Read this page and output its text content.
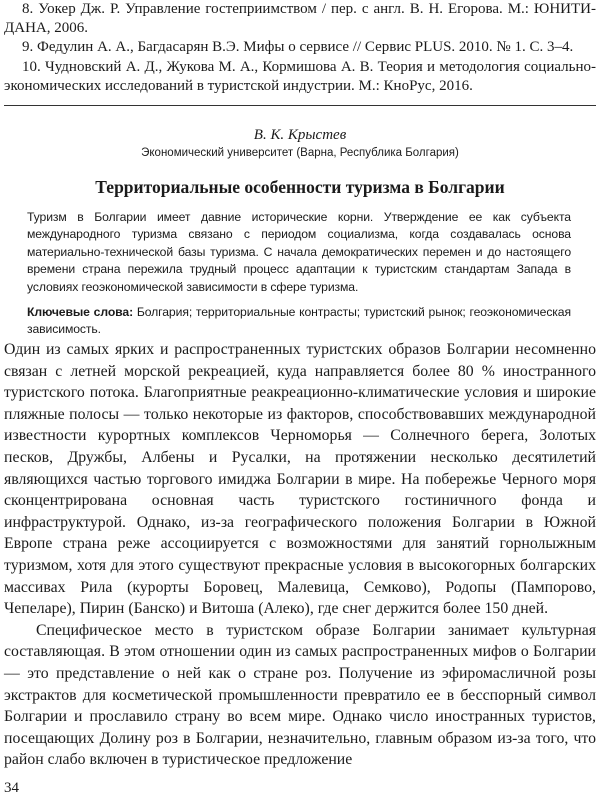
8. Уокер Дж. Р. Управление гостеприимством / пер. с англ. В. Н. Егорова. М.: ЮНИТИ-ДАНА, 2006.

9. Федулин А. А., Багдасарян В.Э. Мифы о сервисе // Сервис PLUS. 2010. № 1. С. 3–4.

10. Чудновский А. Д., Жукова М. А., Кормишова А. В. Теория и методология социально-экономических исследований в туристской индустрии. М.: КноРус, 2016.

В. К. Крыстев
Экономический университет (Варна, Республика Болгария)
Территориальные особенности туризма в Болгарии

Туризм в Болгарии имеет давние исторические корни. Утверждение ее как субъекта международного туризма связано с периодом социализма, когда создавалась основа материально-технической базы туризма. С начала демократических перемен и до настоящего времени страна пережила трудный процесс адаптации к туристским стандартам Запада в условиях геоэкономической зависимости в сфере туризма.

Ключевые слова: Болгария; территориальные контрасты; туристский рынок; геоэкономическая зависимость.

Один из самых ярких и распространенных туристских образов Болгарии несомненно связан с летней морской рекреацией, куда направляется более 80 % иностранного туристского потока. Благоприятные реакреационно-климатические условия и широкие пляжные полосы — только некоторые из факторов, способствовавших международной известности курортных комплексов Черноморья — Солнечного берега, Золотых песков, Дружбы, Албены и Русалки, на протяжении несколько десятилетий являющихся частью торгового имиджа Болгарии в мире. На побережье Черного моря сконцентрирована основная часть туристского гостиничного фонда и инфраструктурой. Однако, из-за географического положения Болгарии в Южной Европе страна реже ассоциируется с возможностями для занятий горнолыжным туризмом, хотя для этого существуют прекрасные условия в высокогорных болгарских массивах Рила (курорты Боровец, Малевица, Семково), Родопы (Пампорово, Чепеларе), Пирин (Банско) и Витоша (Алеко), где снег держится более 150 дней.

Специфическое место в туристском образе Болгарии занимает культурная составляющая. В этом отношении один из самых распространенных мифов о Болгарии — это представление о ней как о стране роз. Получение из эфиромасличной розы экстрактов для косметической промышленности превратило ее в бесспорный символ Болгарии и прославило страну во всем мире. Однако число иностранных туристов, посещающих Долину роз в Болгарии, незначительно, главным образом из-за того, что район слабо включен в туристическое предложение

34
